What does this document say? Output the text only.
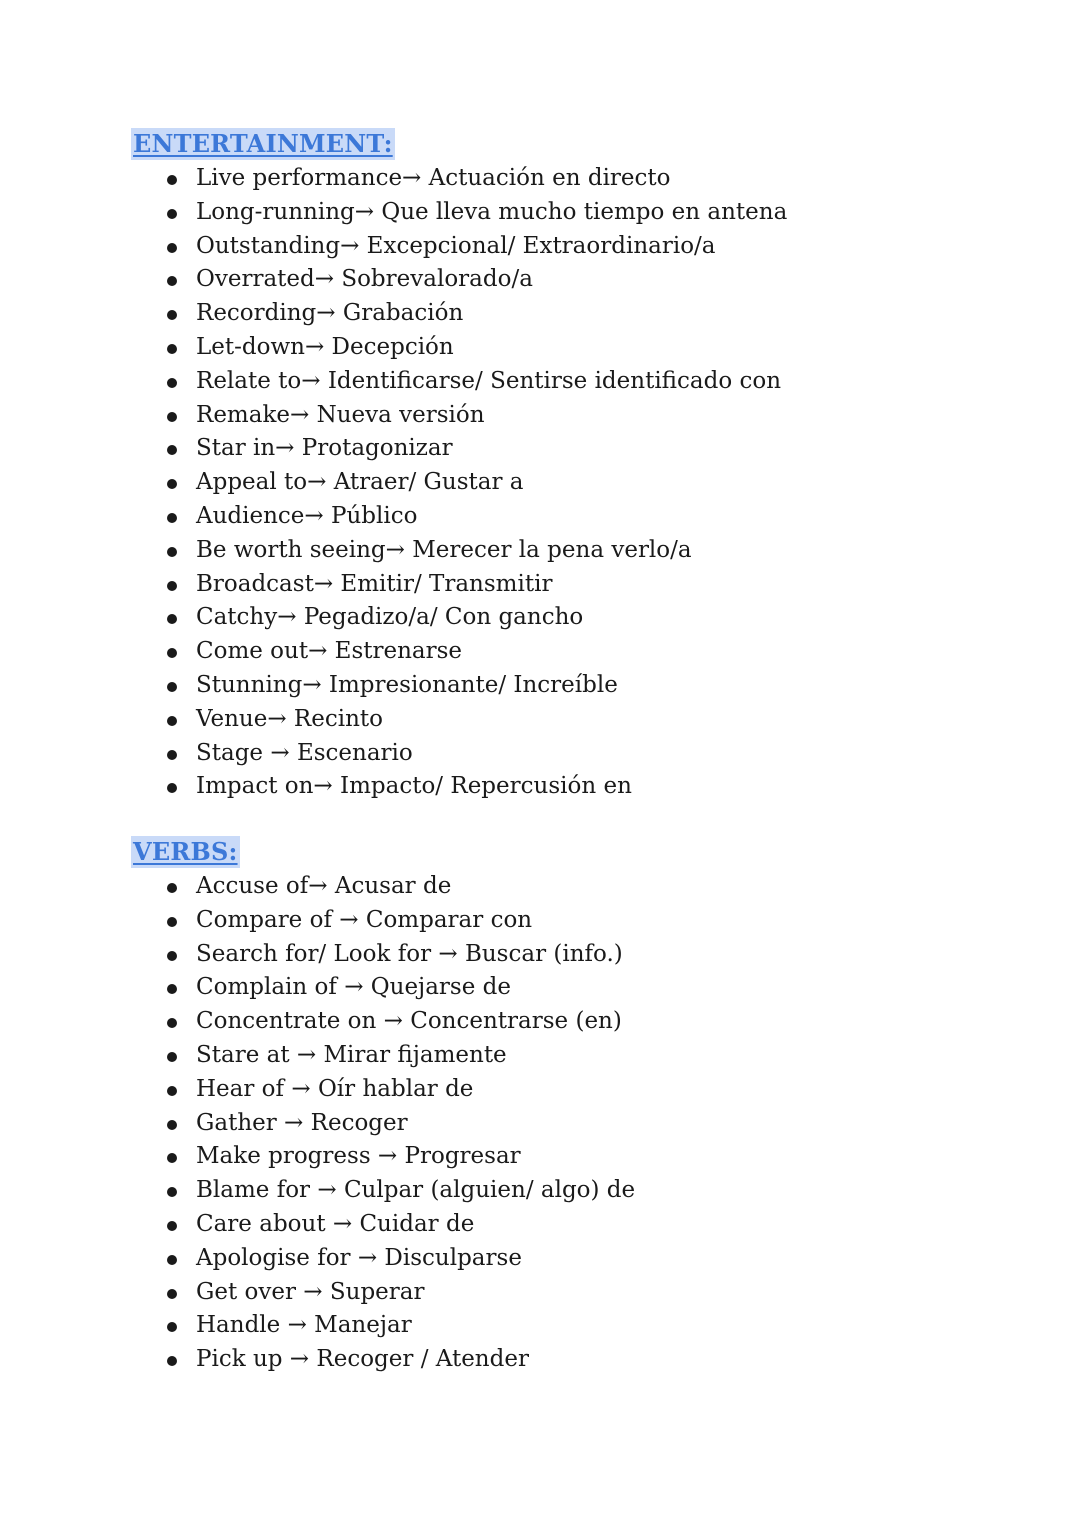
ENTERTAINMENT:
Live performance→ Actuación en directo
Long-running→ Que lleva mucho tiempo en antena
Outstanding→ Excepcional/ Extraordinario/a
Overrated→ Sobrevalorado/a
Recording→ Grabación
Let-down→ Decepción
Relate to→ Identificarse/ Sentirse identificado con
Remake→ Nueva versión
Star in→ Protagonizar
Appeal to→ Atraer/ Gustar a
Audience→ Público
Be worth seeing→ Merecer la pena verlo/a
Broadcast→ Emitir/ Transmitir
Catchy→ Pegadizo/a/ Con gancho
Come out→ Estrenarse
Stunning→ Impresionante/ Increíble
Venue→ Recinto
Stage → Escenario
Impact on→ Impacto/ Repercusión en
VERBS:
Accuse of→ Acusar de
Compare of → Comparar con
Search for/ Look for → Buscar (info.)
Complain of → Quejarse de
Concentrate on → Concentrarse (en)
Stare at → Mirar fijamente
Hear of → Oír hablar de
Gather → Recoger
Make progress → Progresar
Blame for → Culpar (alguien/ algo) de
Care about → Cuidar de
Apologise for → Disculparse
Get over → Superar
Handle → Manejar
Pick up → Recoger / Atender
